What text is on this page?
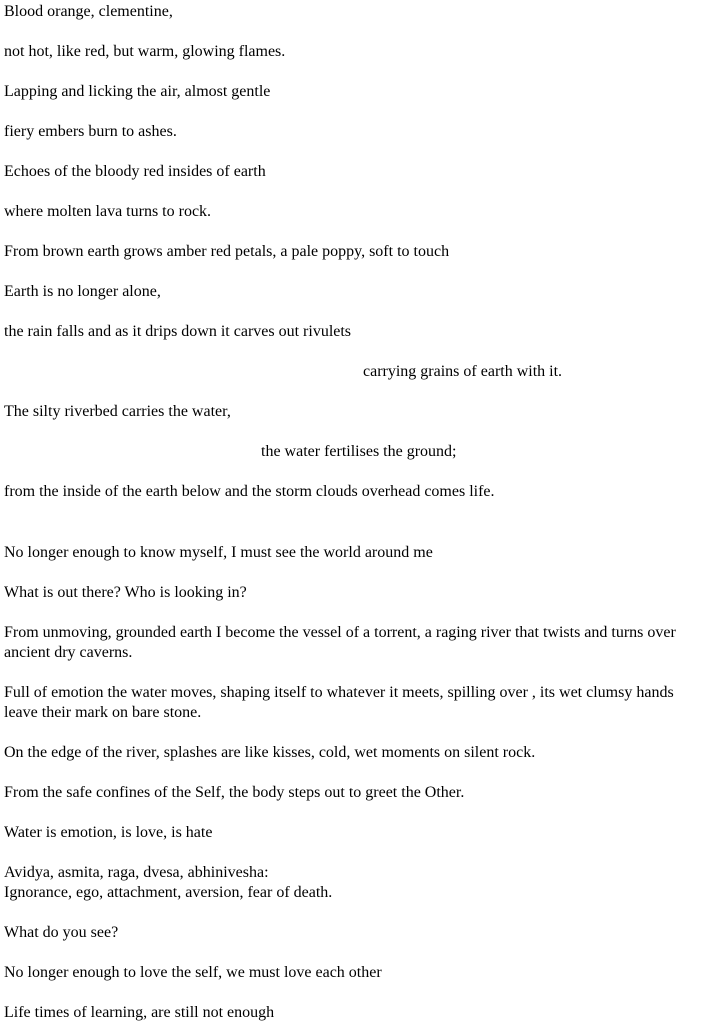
Blood orange, clementine,

not hot, like red, but warm, glowing flames.

Lapping and licking the air, almost gentle

fiery embers burn to ashes.

Echoes of the bloody red insides of earth

where molten lava turns to rock.

From brown earth grows amber red petals, a pale poppy, soft to touch

Earth is no longer alone,

the rain falls and as it drips down it carves out rivulets

carrying grains of earth with it.

The silty riverbed carries the water,

the water fertilises the ground;

from the inside of the earth below and the storm clouds overhead comes life.

No longer enough to know myself, I must see the world around me

What is out there? Who is looking in?

From unmoving, grounded earth I become the vessel of a torrent, a raging river that twists and turns over ancient dry caverns.

Full of emotion the water moves, shaping itself to whatever it meets, spilling over , its wet clumsy hands leave their mark on bare stone.

On the edge of the river, splashes are like kisses, cold, wet moments on silent rock.

From the safe confines of the Self, the body steps out to greet the Other.

Water is emotion, is love, is hate

Avidya, asmita, raga, dvesa, abhinivesha:

Ignorance, ego, attachment, aversion, fear of death.

What do you see?

No longer enough to love the self, we must love each other

Life times of learning, are still not enough
